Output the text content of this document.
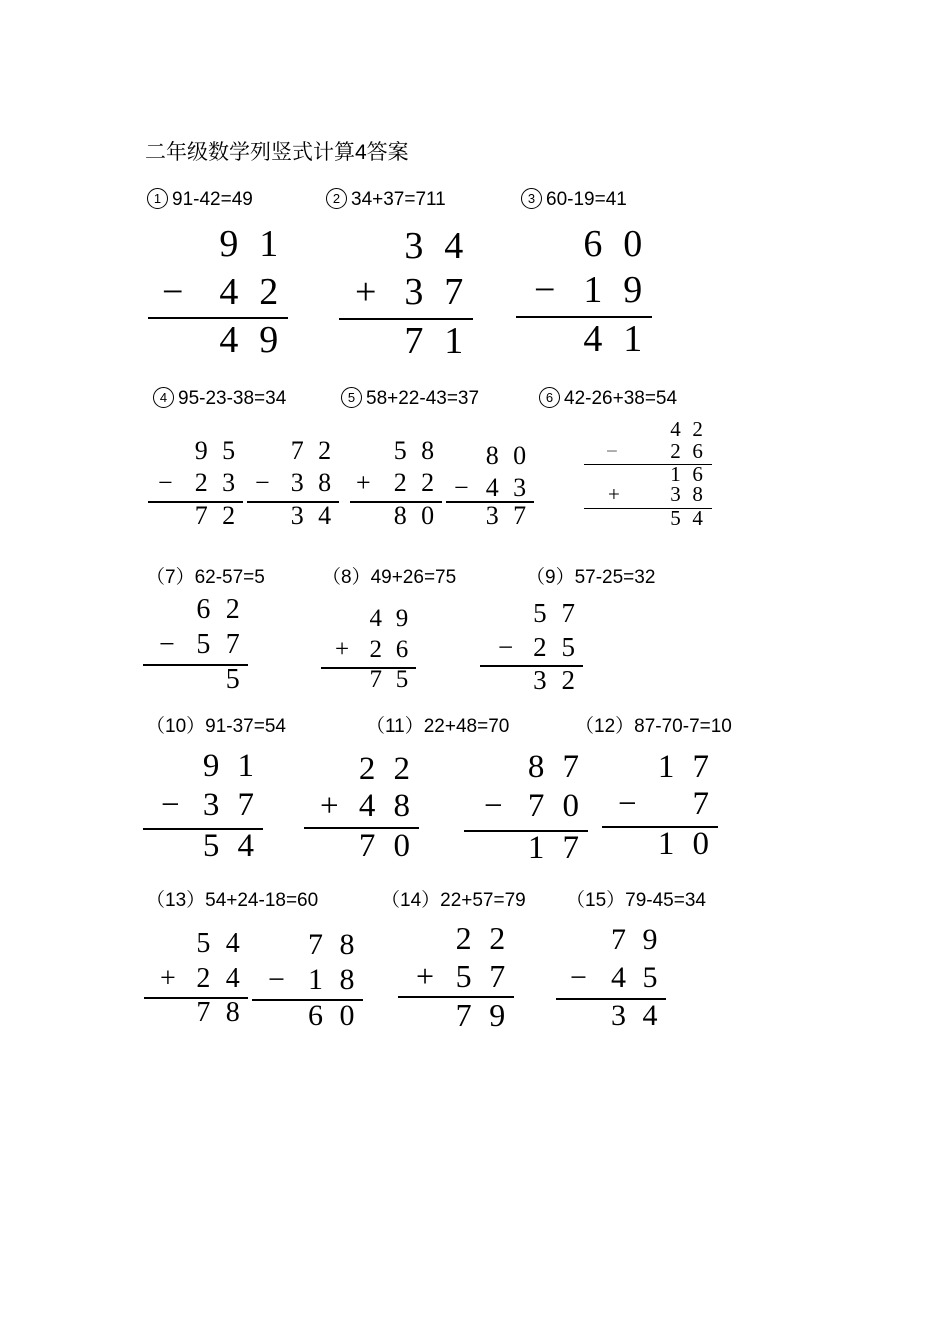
二年级数学列竖式计算4答案
1 91-42=49	2 34+37=711	3 60-19=41
4 95-23-38=34	5 58+22-43=37	6 42-26+38=54
（7）62-57=5	（8）49+26=75	（9）57-25=32
（10）91-37=54	（11）22+48=70	（12）87-70-7=10
（13）54+24-18=60	（14）22+57=79 （15）79-45=34
9 1
− 4 2
4 9
3 4
+ 3 7
7 1
6 0
− 1 9
4 1
9 5
− 2 3
7 2
7 2
− 3 8
3 4
5 8
+ 2 2
8 0
8 0
− 4 3
3 7
4 2
− 2 6
1 6
+ 3 8
5 4
6 2
− 5 7
5
4 9
+ 2 6
7 5
5 7
− 2 5
3 2
9 1
− 3 7
5 4
2 2
+ 4 8
7 0
8 7
− 7 0
1 7
1 7
− 7
1 0
5 4
+ 2 4
7 8
7 8
− 1 8
6 0
2 2
+ 5 7
7 9
7 9
− 4 5
3 4
